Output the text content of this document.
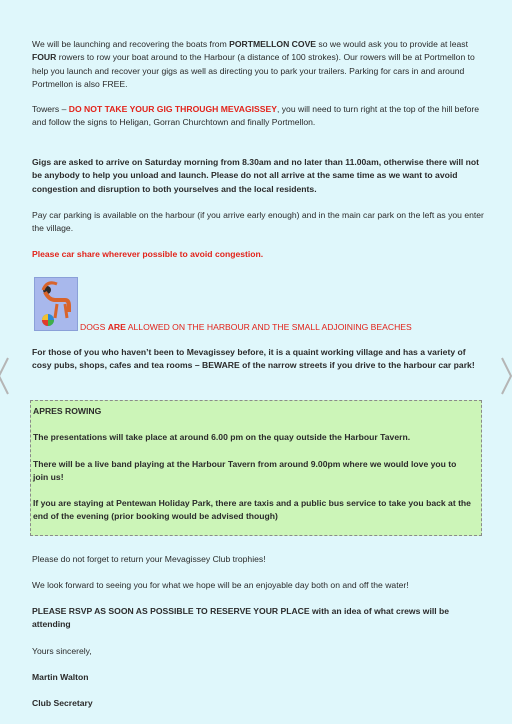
We will be launching and recovering the boats from PORTMELLON COVE so we would ask you to provide at least FOUR rowers to row your boat around to the Harbour (a distance of 100 strokes). Our rowers will be at Portmellon to help you launch and recover your gigs as well as directing you to park your trailers. Parking for cars in and around Portmellon is also FREE.

Towers – DO NOT TAKE YOUR GIG THROUGH MEVAGISSEY, you will need to turn right at the top of the hill before and follow the signs to Heligan, Gorran Churchtown and finally Portmellon.

Gigs are asked to arrive on Saturday morning from 8.30am and no later than 11.00am, otherwise there will not be anybody to help you unload and launch. Please do not all arrive at the same time as we want to avoid congestion and disruption to both yourselves and the local residents.

Pay car parking is available on the harbour (if you arrive early enough) and in the main car park on the left as you enter the village.

Please car share wherever possible to avoid congestion.

DOGS ARE ALLOWED ON THE HARBOUR AND THE SMALL ADJOINING BEACHES

For those of you who haven’t been to Mevagissey before, it is a quaint working village and has a variety of cosy pubs, shops, cafes and tea rooms – BEWARE of the narrow streets if you drive to the harbour car park!

APRES ROWING

The presentations will take place at around 6.00 pm on the quay outside the Harbour Tavern.

There will be a live band playing at the Harbour Tavern from around 9.00pm where we would love you to join us!

If you are staying at Pentewan Holiday Park, there are taxis and a public bus service to take you back at the end of the evening (prior booking would be advised though)

Please do not forget to return your Mevagissey Club trophies!

We look forward to seeing you for what we hope will be an enjoyable day both on and off the water!

PLEASE RSVP AS SOON AS POSSIBLE TO RESERVE YOUR PLACE with an idea of what crews will be attending

Yours sincerely,

Martin Walton

Club Secretary
